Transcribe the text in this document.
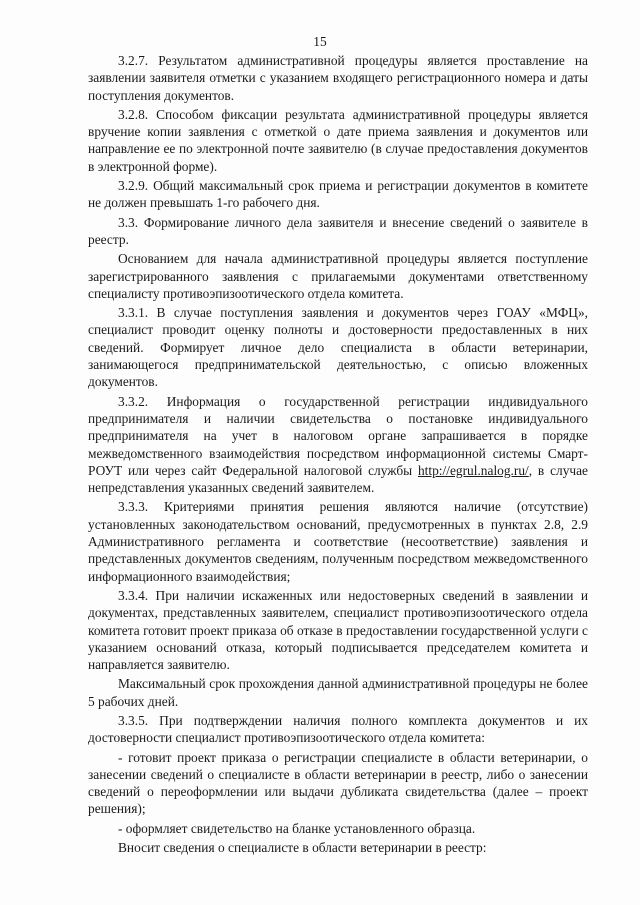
15

3.2.7. Результатом административной процедуры является проставление на заявлении заявителя отметки с указанием входящего регистрационного номера и даты поступления документов.

3.2.8. Способом фиксации результата административной процедуры является вручение копии заявления с отметкой о дате приема заявления и документов или направление ее по электронной почте заявителю (в случае предоставления документов в электронной форме).

3.2.9. Общий максимальный срок приема и регистрации документов в комитете не должен превышать 1-го рабочего дня.

3.3. Формирование личного дела заявителя и внесение сведений о заявителе в реестр.

Основанием для начала административной процедуры является поступление зарегистрированного заявления с прилагаемыми документами ответственному специалисту противоэпизоотического отдела комитета.

3.3.1. В случае поступления заявления и документов через ГОАУ «МФЦ», специалист проводит оценку полноты и достоверности предоставленных в них сведений. Формирует личное дело специалиста в области ветеринарии, занимающегося предпринимательской деятельностью, с описью вложенных документов.

3.3.2. Информация о государственной регистрации индивидуального предпринимателя и наличии свидетельства о постановке индивидуального предпринимателя на учет в налоговом органе запрашивается в порядке межведомственного взаимодействия посредством информационной системы Смарт-РОУТ или через сайт Федеральной налоговой службы http://egrul.nalog.ru/, в случае непредставления указанных сведений заявителем.

3.3.3. Критериями принятия решения являются наличие (отсутствие) установленных законодательством оснований, предусмотренных в пунктах 2.8, 2.9 Административного регламента и соответствие (несоответствие) заявления и представленных документов сведениям, полученным посредством межведомственного информационного взаимодействия;

3.3.4. При наличии искаженных или недостоверных сведений в заявлении и документах, представленных заявителем, специалист противоэпизоотического отдела комитета готовит проект приказа об отказе в предоставлении государственной услуги с указанием оснований отказа, который подписывается председателем комитета и направляется заявителю.

Максимальный срок прохождения данной административной процедуры не более 5 рабочих дней.

3.3.5. При подтверждении наличия полного комплекта документов и их достоверности специалист противоэпизоотического отдела комитета:

- готовит проект приказа о регистрации специалисте в области ветеринарии, о занесении сведений о специалисте в области ветеринарии в реестр, либо о занесении сведений о переоформлении или выдачи дубликата свидетельства (далее – проект решения);

- оформляет свидетельство на бланке установленного образца.

Вносит сведения о специалисте в области ветеринарии в реестр:
